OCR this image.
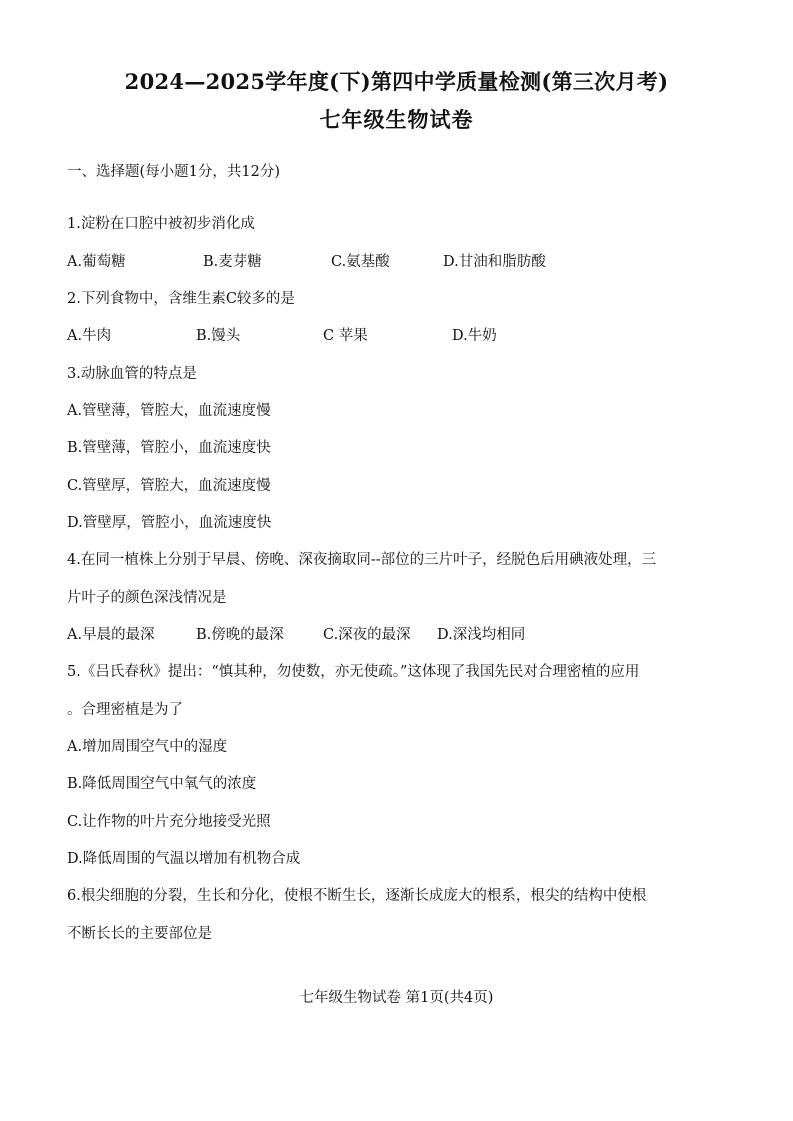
2024—2025学年度(下)第四中学质量检测(第三次月考)
七年级生物试卷
一、选择题(每小题1分，共12分)
1.淀粉在口腔中被初步消化成
A.葡萄糖	B.麦芽糖	C.氨基酸	D.甘油和脂肪酸
2.下列食物中，含维生素C较多的是
A.牛肉	B.馒头	C 苹果	D.牛奶
3.动脉血管的特点是
A.管壁薄，管腔大，血流速度慢
B.管壁薄，管腔小，血流速度快
C.管壁厚，管腔大，血流速度慢
D.管壁厚，管腔小，血流速度快
4.在同一植株上分别于早晨、傍晚、深夜摘取同--部位的三片叶子，经脱色后用碘液处理，三
片叶子的颜色深浅情况是
A.早晨的最深	B.傍晚的最深	C.深夜的最深 D.深浅均相同
5.《吕氏春秋》提出：“慎其种，勿使数，亦无使疏。”这体现了我国先民对合理密植的应用
。合理密植是为了
A.增加周围空气中的湿度
B.降低周围空气中氧气的浓度
C.让作物的叶片充分地接受光照
D.降低周围的气温以增加有机物合成
6.根尖细胞的分裂，生长和分化，使根不断生长，逐渐长成庞大的根系，根尖的结构中使根
不断长长的主要部位是
七年级生物试卷 第1页(共4页)
